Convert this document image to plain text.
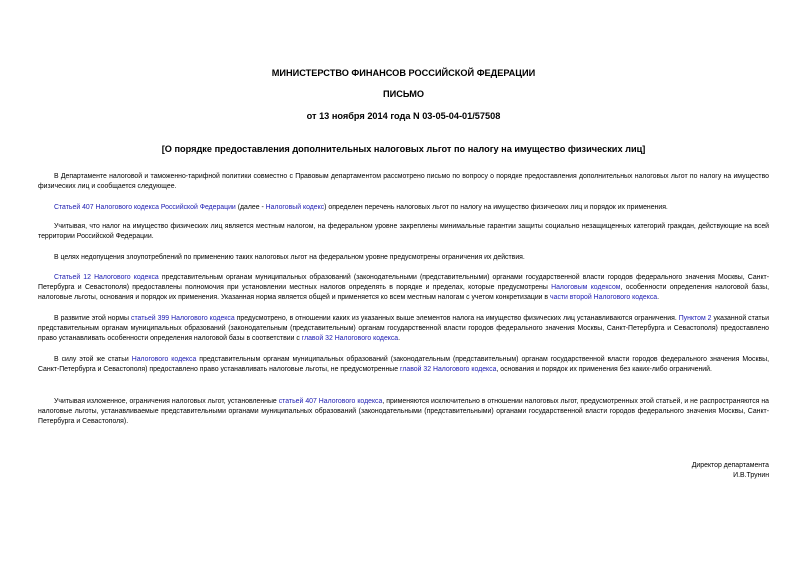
МИНИСТЕРСТВО ФИНАНСОВ РОССИЙСКОЙ ФЕДЕРАЦИИ
ПИСЬМО
от 13 ноября 2014 года N 03-05-04-01/57508
[О порядке предоставления дополнительных налоговых льгот по налогу на имущество физических лиц]
В Департаменте налоговой и таможенно-тарифной политики совместно с Правовым департаментом рассмотрено письмо по вопросу о порядке предоставления дополнительных налоговых льгот по налогу на имущество физических лиц и сообщается следующее.
Статьей 407 Налогового кодекса Российской Федерации (далее - Налоговый кодекс) определен перечень налоговых льгот по налогу на имущество физических лиц и порядок их применения.
Учитывая, что налог на имущество физических лиц является местным налогом, на федеральном уровне закреплены минимальные гарантии защиты социально незащищенных категорий граждан, действующие на всей территории Российской Федерации.
В целях недопущения злоупотреблений по применению таких налоговых льгот на федеральном уровне предусмотрены ограничения их действия.
Статьей 12 Налогового кодекса представительным органам муниципальных образований (законодательными (представительными) органами государственной власти городов федерального значения Москвы, Санкт-Петербурга и Севастополя) предоставлены полномочия при установлении местных налогов определять в порядке и пределах, которые предусмотрены Налоговым кодексом, особенности определения налоговой базы, налоговые льготы, основания и порядок их применения. Указанная норма является общей и применяется ко всем местным налогам с учетом конкретизации в части второй Налогового кодекса.
В развитие этой нормы статьей 399 Налогового кодекса предусмотрено, в отношении каких из указанных выше элементов налога на имущество физических лиц устанавливаются ограничения. Пунктом 2 указанной статьи представительным органам муниципальных образований (законодательным (представительным) органам государственной власти городов федерального значения Москвы, Санкт-Петербурга и Севастополя) предоставлено право устанавливать особенности определения налоговой базы в соответствии с главой 32 Налогового кодекса.
В силу этой же статьи Налогового кодекса представительным органам муниципальных образований (законодательным (представительным) органам государственной власти городов федерального значения Москвы, Санкт-Петербурга и Севастополя) предоставлено право устанавливать налоговые льготы, не предусмотренные главой 32 Налогового кодекса, основания и порядок их применения без каких-либо ограничений.
Учитывая изложенное, ограничения налоговых льгот, установленные статьей 407 Налогового кодекса, применяются исключительно в отношении налоговых льгот, предусмотренных этой статьей, и не распространяются на налоговые льготы, устанавливаемые представительными органами муниципальных образований (законодательными (представительными) органами государственной власти городов федерального значения Москвы, Санкт-Петербурга и Севастополя).
Директор департамента
И.В.Трунин
